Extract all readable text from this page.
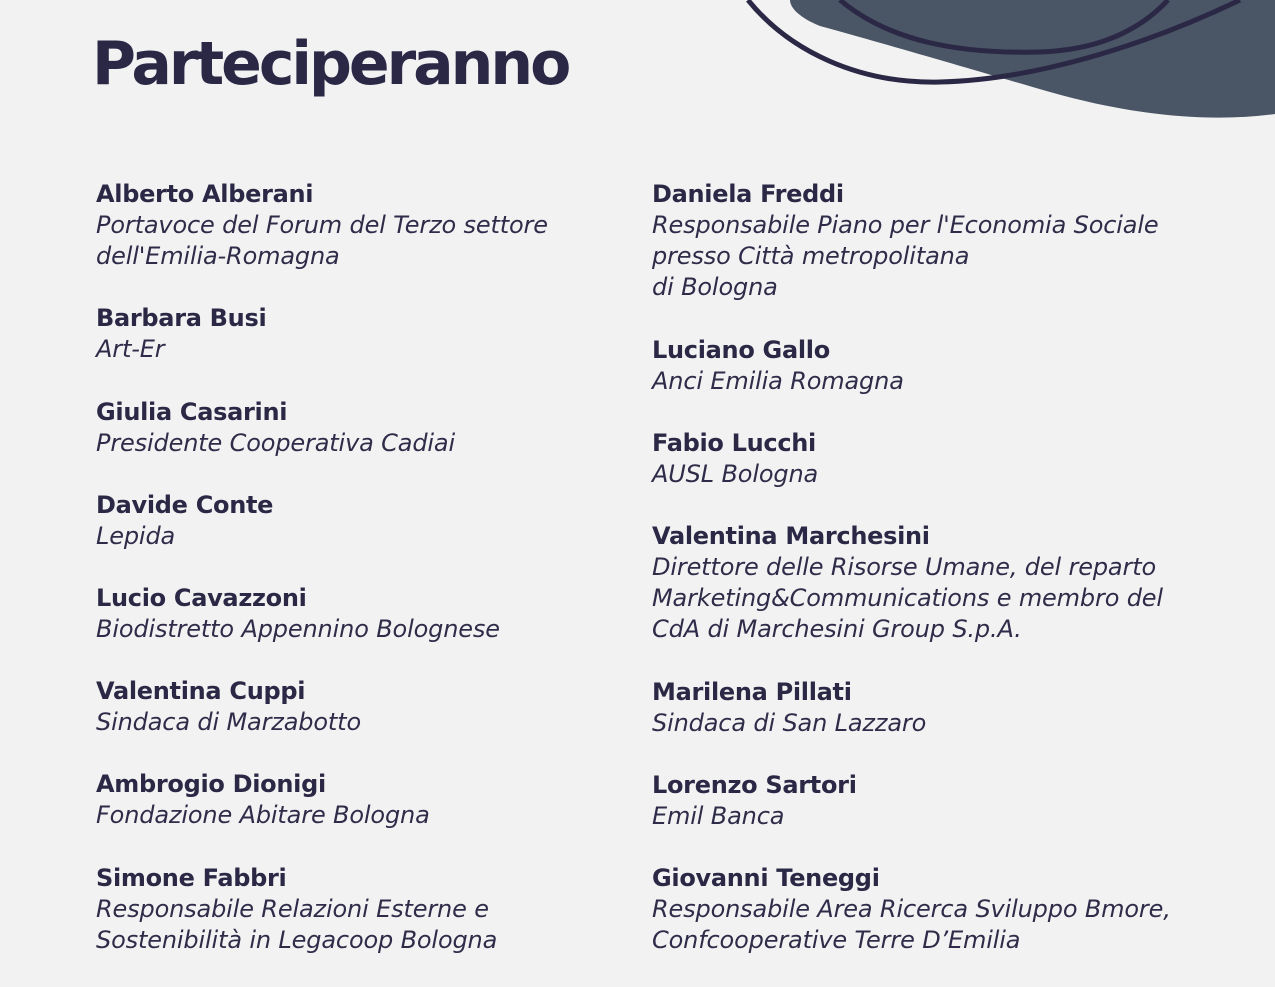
Parteciperanno
Alberto Alberani
Portavoce del Forum del Terzo settore
dell'Emilia-Romagna
Barbara Busi
Art-Er
Giulia Casarini
Presidente Cooperativa Cadiai
Davide Conte
Lepida
Lucio Cavazzoni
Biodistretto Appennino Bolognese
Valentina Cuppi
Sindaca di Marzabotto
Ambrogio Dionigi
Fondazione Abitare Bologna
Simone Fabbri
Responsabile Relazioni Esterne e
Sostenibilità in Legacoop Bologna
Daniela Freddi
Responsabile Piano per l'Economia Sociale
presso Città metropolitana
di Bologna
Luciano Gallo
Anci Emilia Romagna
Fabio Lucchi
AUSL Bologna
Valentina Marchesini
Direttore delle Risorse Umane, del reparto
Marketing&Communications e membro del
CdA di Marchesini Group S.p.A.
Marilena Pillati
Sindaca di San Lazzaro
Lorenzo Sartori
Emil Banca
Giovanni Teneggi
Responsabile Area Ricerca Sviluppo Bmore,
Confcooperative Terre D’Emilia
